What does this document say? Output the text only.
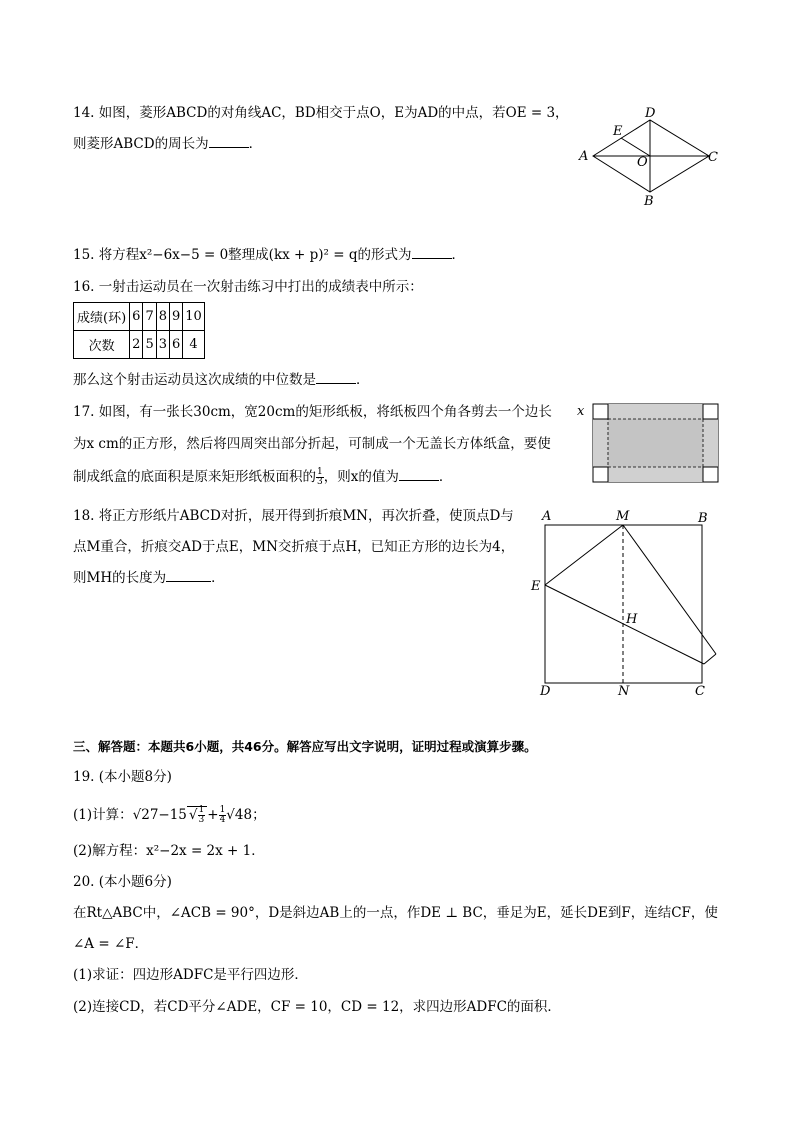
14. 如图，菱形ABCD的对角线AC，BD相交于点O，E为AD的中点，若OE = 3，
则菱形ABCD的周长为	．
D
E
A	O	C
B
15. 将方程x²−6x−5 = 0整理成(kx + p)² = q的形式为	．
16. 一射击运动员在一次射击练习中打出的成绩表中所示：
成绩(环)	6	7	8	9	10
次数	2	5	3	6	4
那么这个射击运动员这次成绩的中位数是	．
17. 如图，有一张长30cm，宽20cm的矩形纸板，将纸板四个角各剪去一个边长
为x cm的正方形，然后将四周突出部分折起，可制成一个无盖长方体纸盒，要使
制成纸盒的底面积是原来矩形纸板面积的 $\frac{1}{3}$ ，则x的值为	．
x
18. 将正方形纸片ABCD对折，展开得到折痕MN，再次折叠，使顶点D与
点M重合，折痕交AD于点E，MN交折痕于点H，已知正方形的边长为4，
则MH的长度为	．
A	M	B
E
H
D	N	C
三、解答题：本题共6小题，共46分。解答应写出文字说明，证明过程或演算步骤。
19. (本小题8分)
(1)计算：√27−15 √ $\frac{1}{3} + \frac{1}{4} √48$；
(2)解方程：x²−2x = 2x + 1．
20. (本小题6分)
在Rt△ABC中，∠ACB = 90°，D是斜边AB上的一点，作DE ⊥ BC，垂足为E，延长DE到F，连结CF，使
∠A = ∠F．
(1)求证：四边形ADFC是平行四边形．
(2)连接CD，若CD平分∠ADE，CF = 10，CD = 12，求四边形ADFC的面积．
